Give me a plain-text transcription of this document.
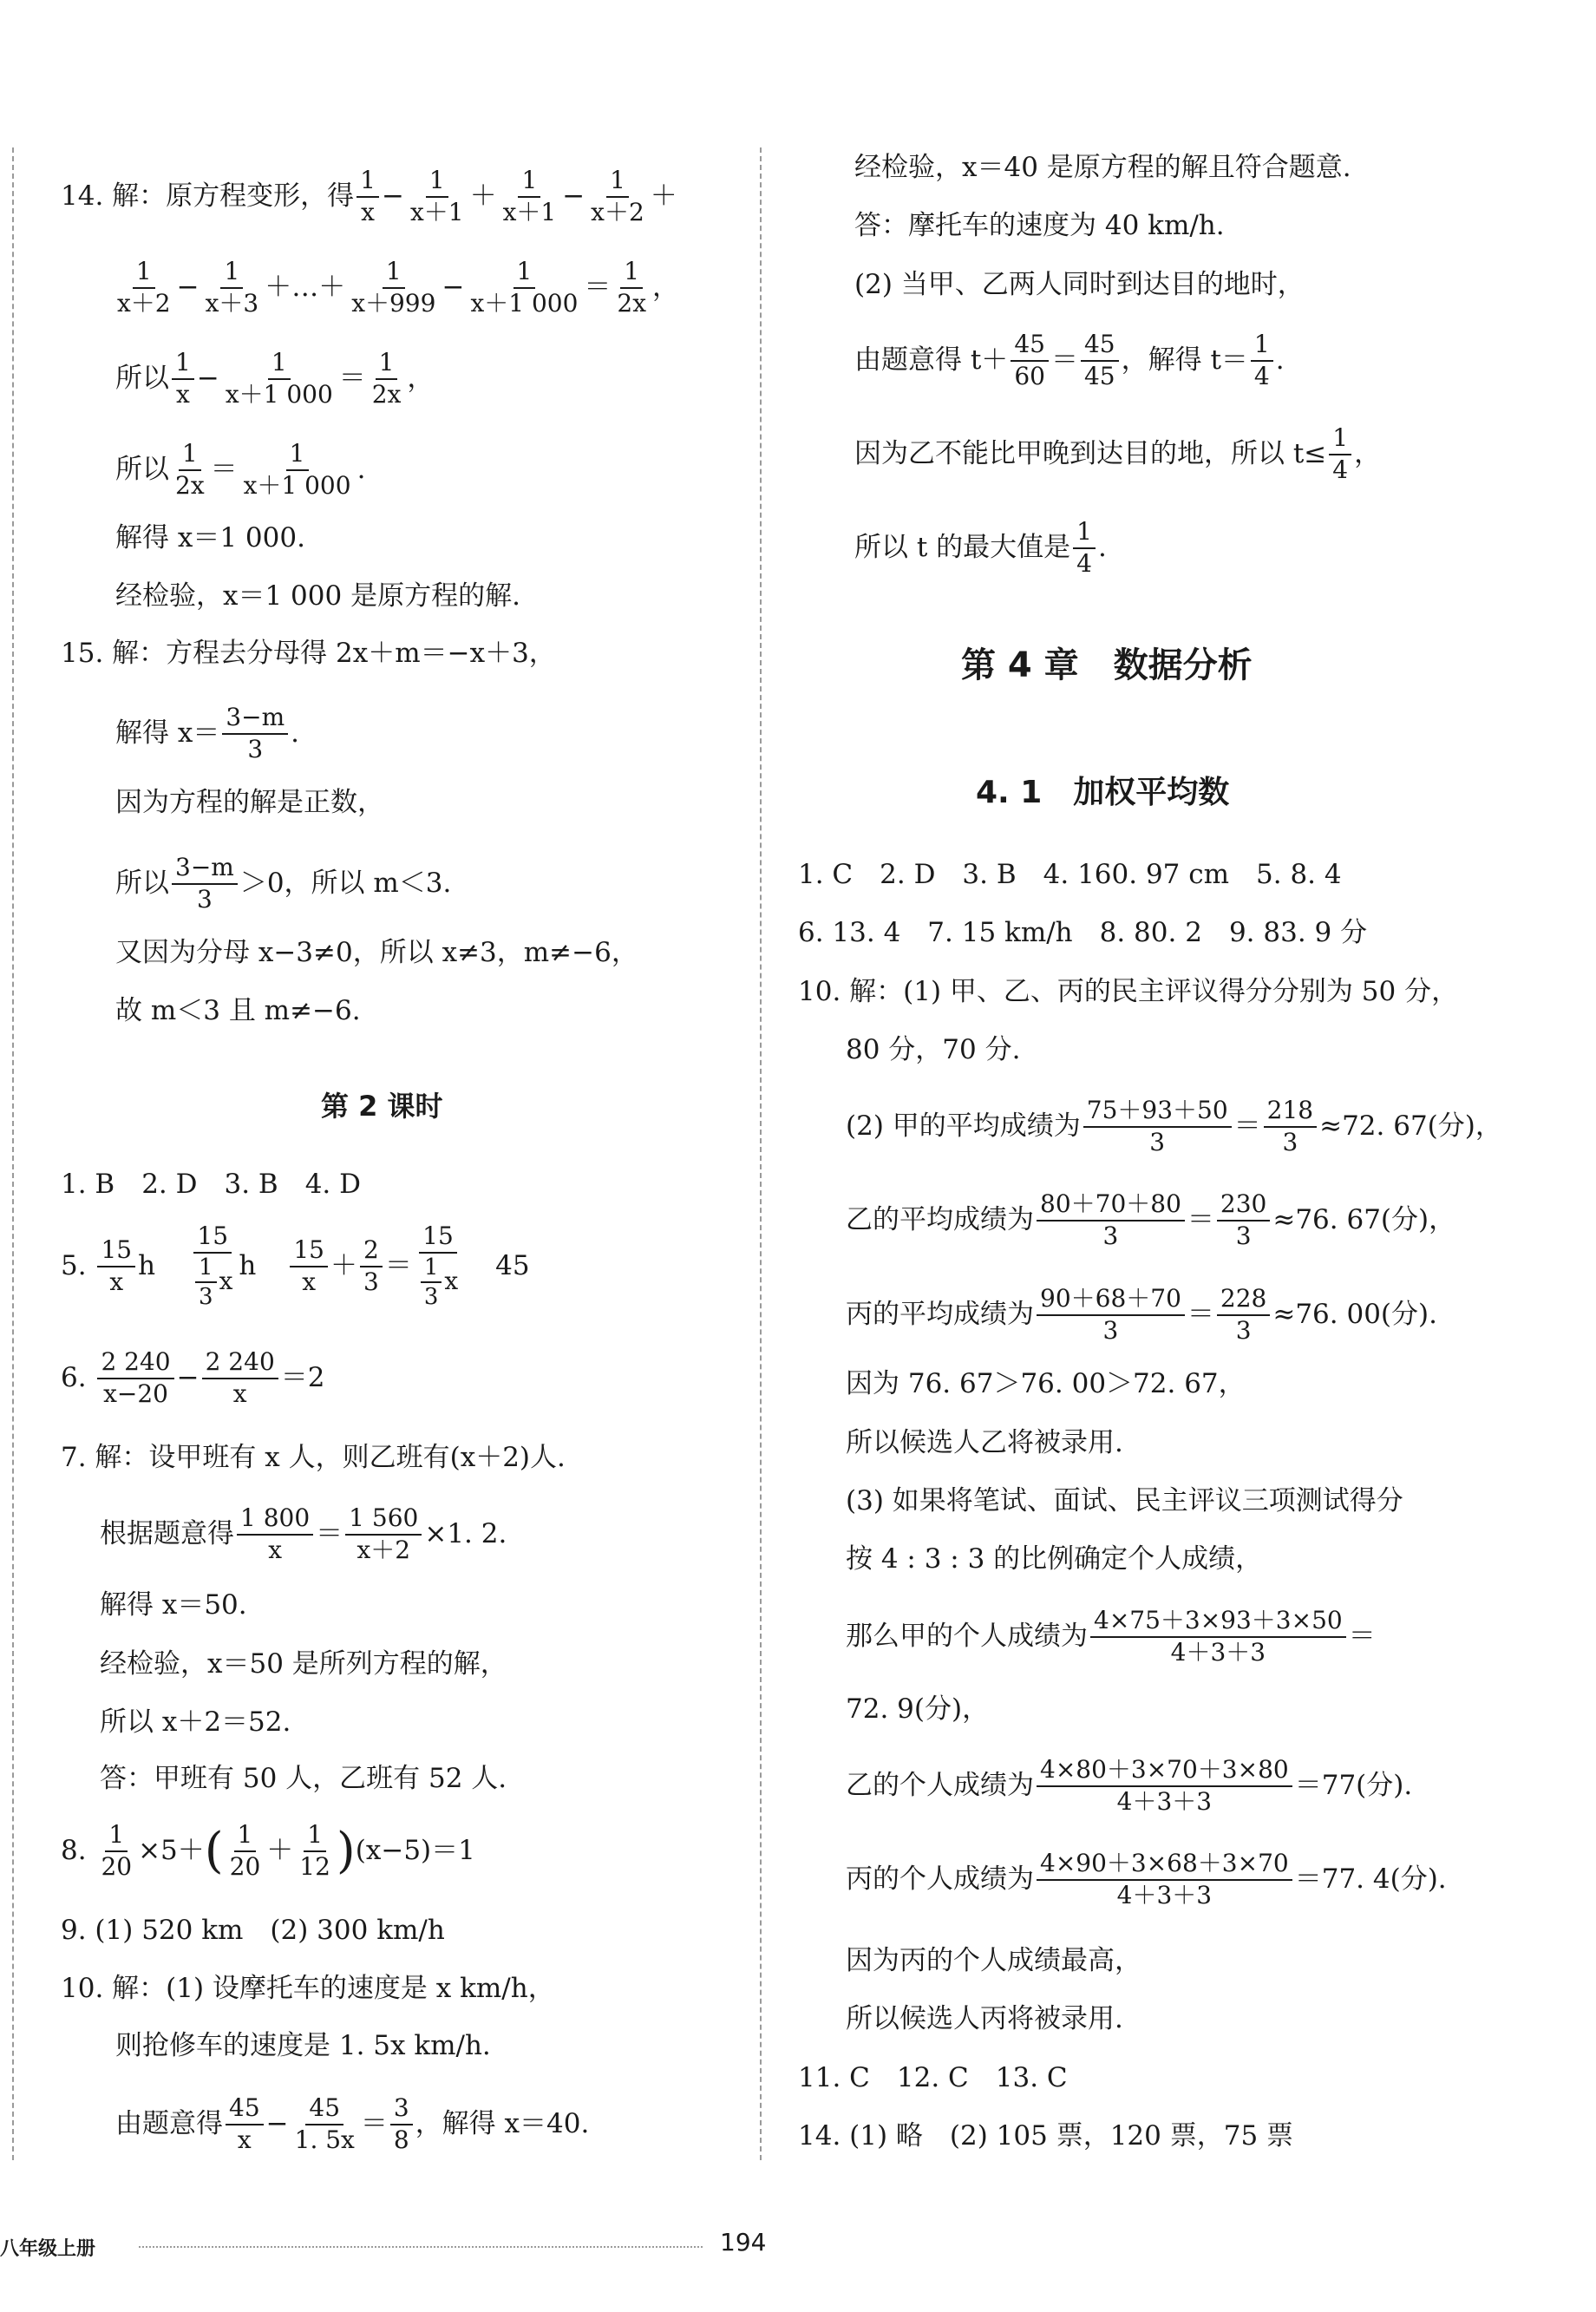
14. 解：原方程变形，得 $\frac{1}{x} - \frac{1}{x+1} + \frac{1}{x+1} - \frac{1}{x+2}$ ＋
$\frac{1}{x+2} - \frac{1}{x+3}$ ＋…＋ $\frac{1}{x+999} - \frac{1}{x+1 000} = \frac{1}{2x}$ ，
所以 $\frac{1}{x} - \frac{1}{x+1 000} = \frac{1}{2x}$ ，
所以 $\frac{1}{2x} = \frac{1}{x+1 000}$ .
解得 x＝1 000.
经检验，x＝1 000 是原方程的解.
15. 解：方程去分母得 2x＋m＝−x＋3，
解得 $x= \frac{3-m}{3}$ .
因为方程的解是正数，
所以 $\frac{3-m}{3} >0$，所以 m＜3.
又因为分母 x−3≠0，所以 x≠3，m≠−6，
故 m＜3 且 m≠−6.
第 2 课时
1. B　2. D　3. B　4. D
5.
$\frac{15}{x}$ h $\frac{15}{\frac{1}{3} x}$ h $\frac{15}{x} + \frac{2}{3} = \frac{15}{\frac{1}{3} x} 45$
6.
$\frac{2 240}{x-20} - \frac{2 240}{x} =2$
7. 解：设甲班有 x 人，则乙班有(x＋2)人.
根据题意得 $\frac{1 800}{x} = \frac{1 560}{x+2} \times 1$. 2.
解得 x＝50.
经检验，x＝50 是所列方程的解，
所以 x＋2＝52.
答：甲班有 50 人，乙班有 52 人.
8.
$\frac{1}{20} \times 5+$ ( $\frac{1}{20} + \frac{1}{12}$ ) (x−5)＝1
9. (1) 520 km　(2) 300 km/h
10. 解：(1) 设摩托车的速度是 x km/h，
则抢修车的速度是 1. 5x km/h.
由题意得 $\frac{45}{x} - \frac{45}{1. 5x} = \frac{3}{8}$ ，解得 x＝40.
经检验，x＝40 是原方程的解且符合题意.
答：摩托车的速度为 40 km/h.
(2) 当甲、乙两人同时到达目的地时，
由题意得 $t+ \frac{45}{60} = \frac{45}{45}$ ，解得 $t= \frac{1}{4}$ .
因为乙不能比甲晚到达目的地，所以 $t\le \frac{1}{4}$ ，
所以 t 的最大值是 $\frac{1}{4}$ .
第 4 章　数据分析
4. 1　加权平均数
1. C　2. D　3. B　4. 160. 97 cm　5. 8. 4
6. 13. 4　7. 15 km/h　8. 80. 2　9. 83. 9 分
10. 解：(1) 甲、乙、丙的民主评议得分分别为 50 分，
80 分，70 分.
(2) 甲的平均成绩为 $\frac{75+93+50}{3} = \frac{218}{3} \approx 72$. 67(分)，
乙的平均成绩为 $\frac{80+70+80}{3} = \frac{230}{3} \approx 76$. 67(分)，
丙的平均成绩为 $\frac{90+68+70}{3} = \frac{228}{3} \approx 76$. 00(分).
因为 76. 67＞76. 00＞72. 67，
所以候选人乙将被录用.
(3) 如果将笔试、面试、民主评议三项测试得分
按 4 : 3 : 3 的比例确定个人成绩，
那么甲的个人成绩为 $\frac{4\times 75+3\times 93+3\times 50}{4+3+3}$ ＝
72. 9(分)，
乙的个人成绩为 $\frac{4\times 80+3\times 70+3\times 80}{4+3+3} =77$(分).
丙的个人成绩为 $\frac{4\times 90+3\times 68+3\times 70}{4+3+3} =77$. 4(分).
因为丙的个人成绩最高，
所以候选人丙将被录用.
11. C　12. C　13. C
14. (1) 略　(2) 105 票，120 票，75 票
八年级上册	194
